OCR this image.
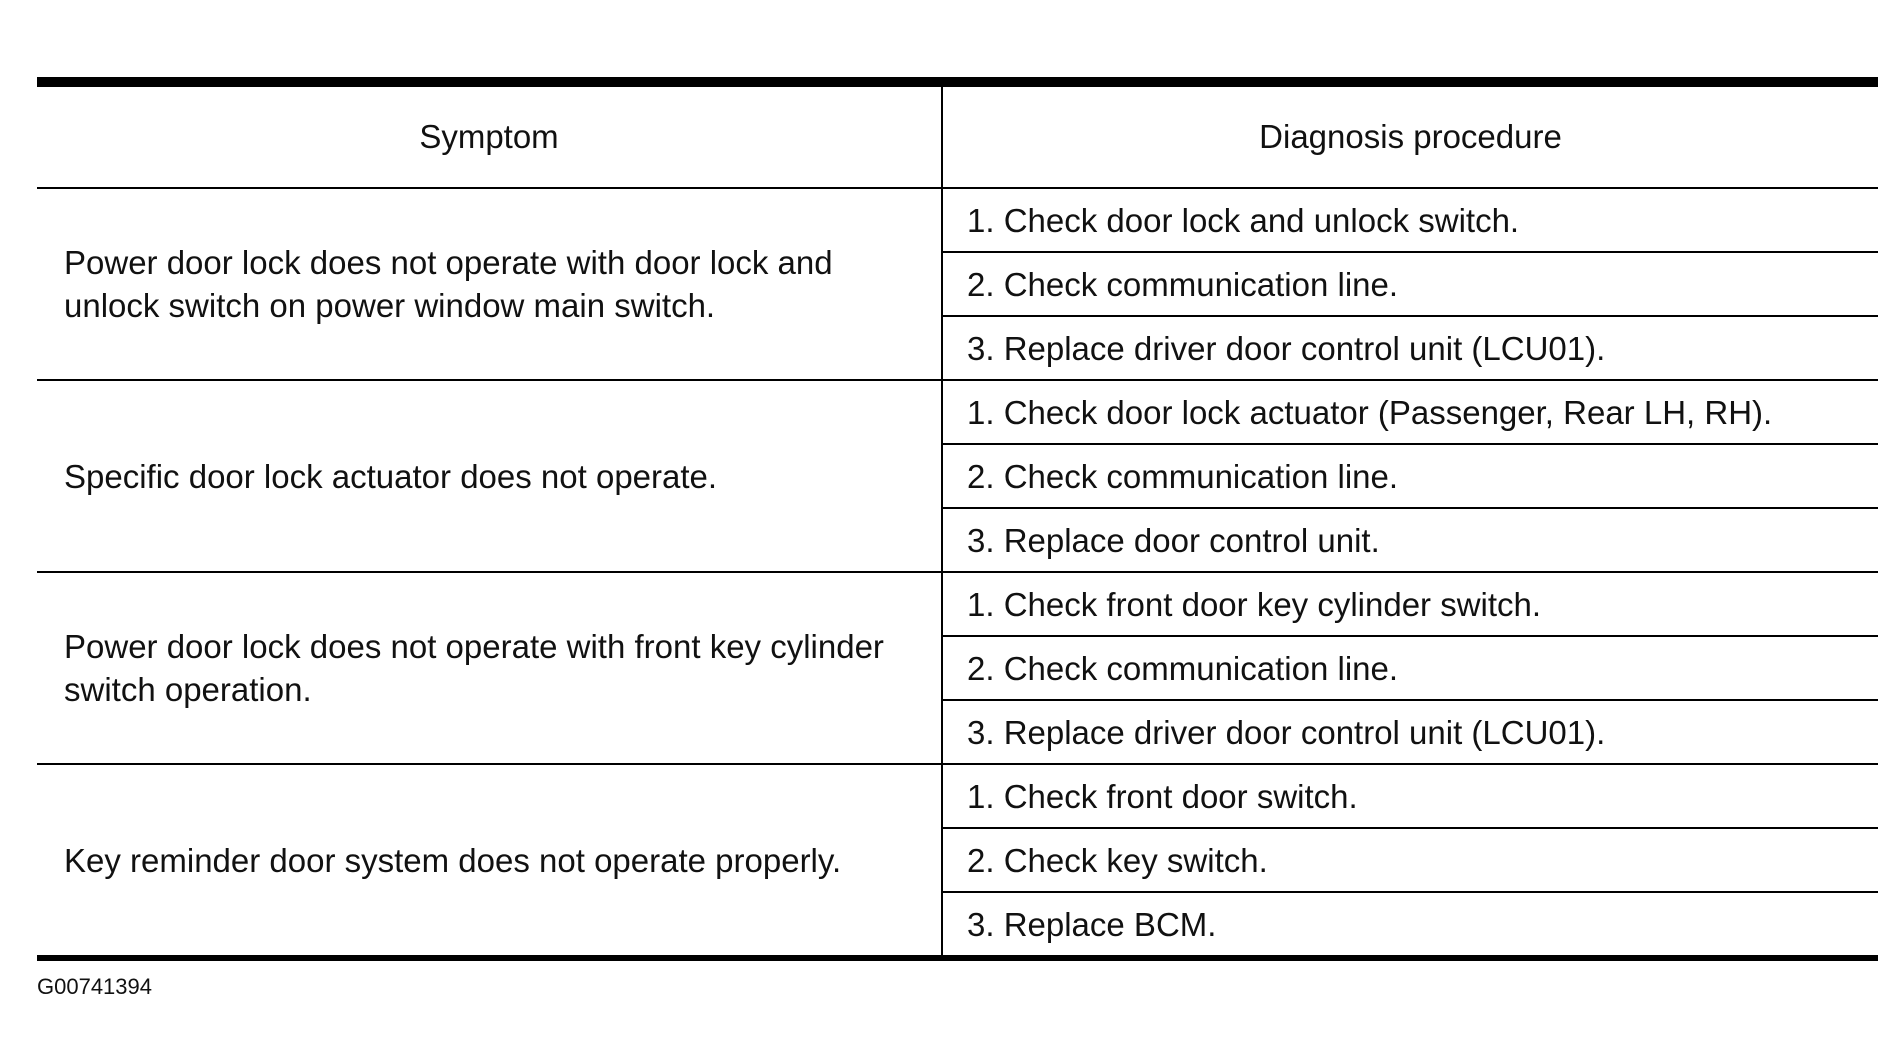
Symptom	Diagnosis procedure
Power door lock does not operate with door lock and unlock switch on power window main switch.	1. Check door lock and unlock switch.
	2. Check communication line.
	3. Replace driver door control unit (LCU01).
Specific door lock actuator does not operate.	1. Check door lock actuator (Passenger, Rear LH, RH).
	2. Check communication line.
	3. Replace door control unit.
Power door lock does not operate with front key cylinder switch operation.	1. Check front door key cylinder switch.
	2. Check communication line.
	3. Replace driver door control unit (LCU01).
Key reminder door system does not operate properly.	1. Check front door switch.
	2. Check key switch.
	3. Replace BCM.
G00741394
